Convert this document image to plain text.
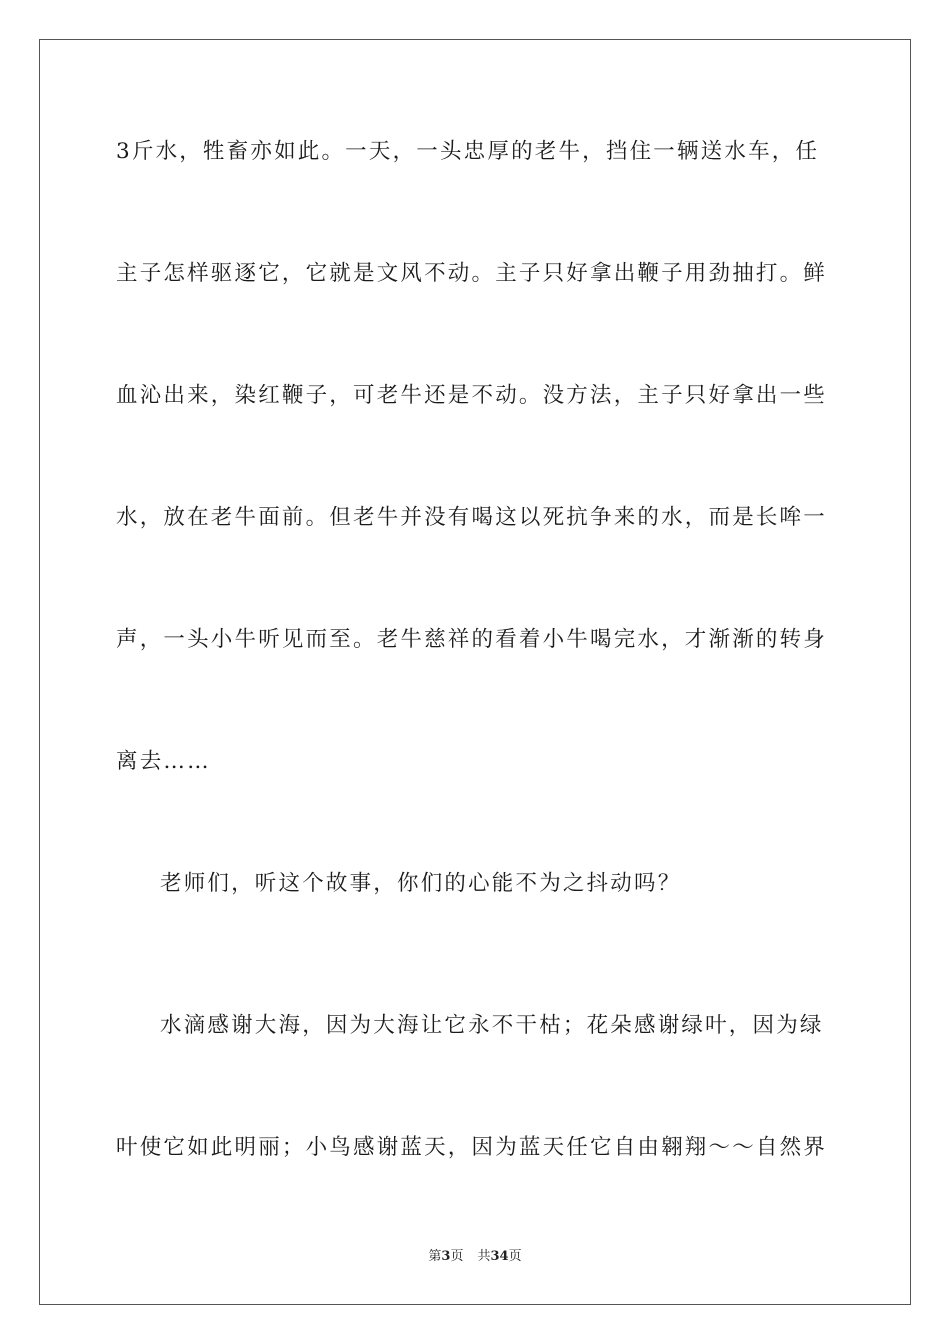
3斤水，牲畜亦如此。一天，一头忠厚的老牛，挡住一辆送水车，任
主子怎样驱逐它，它就是文风不动。主子只好拿出鞭子用劲抽打。鲜
血沁出来，染红鞭子，可老牛还是不动。没方法，主子只好拿出一些
水，放在老牛面前。但老牛并没有喝这以死抗争来的水，而是长哞一
声，一头小牛听见而至。老牛慈祥的看着小牛喝完水，才渐渐的转身
离去……
老师们，听这个故事，你们的心能不为之抖动吗？
水滴感谢大海，因为大海让它永不干枯；花朵感谢绿叶，因为绿
叶使它如此明丽；小鸟感谢蓝天，因为蓝天任它自由翱翔～～自然界
第3页 共34页
